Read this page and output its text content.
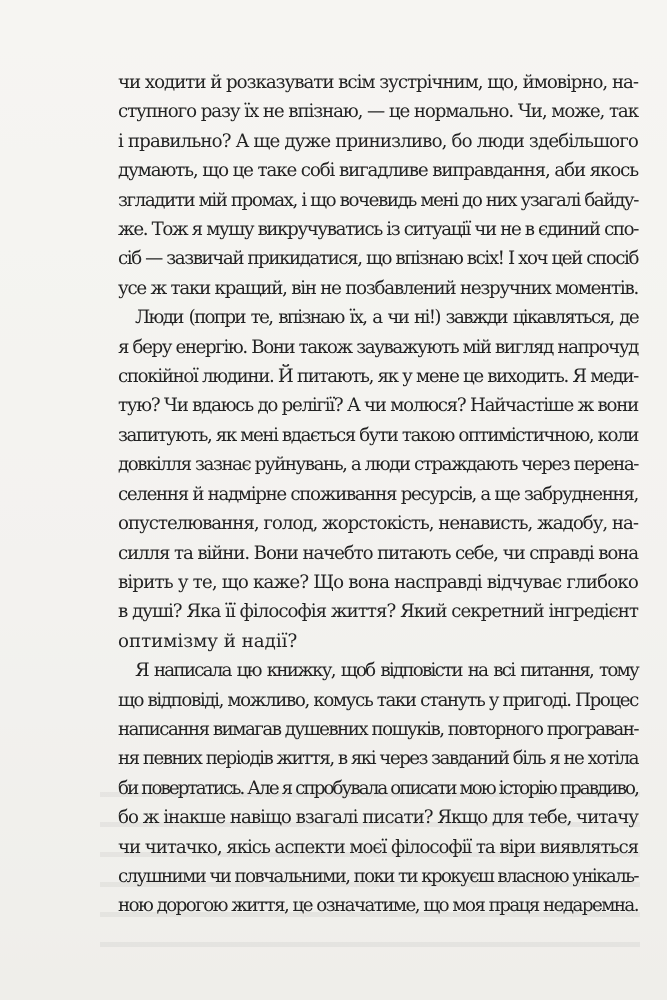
чи ходити й розказувати всім зустрічним, що, ймовірно, на-
ступного разу їх не впізнаю, — це нормально. Чи, може, так
і правильно? А ще дуже принизливо, бо люди здебільшого
думають, що це таке собі вигадливе виправдання, аби якось
згладити мій промах, і що вочевидь мені до них узагалі байду-
же. Тож я мушу викручуватись із ситуації чи не в єдиний спо-
сіб — зазвичай прикидатися, що впізнаю всіх! І хоч цей спосіб
усе ж таки кращий, він не позбавлений незручних моментів.

Люди (попри те, впізнаю їх, а чи ні!) завжди цікавляться, де
я беру енергію. Вони також зауважують мій вигляд напрочуд
спокійної людини. Й питають, як у мене це виходить. Я меди-
тую? Чи вдаюсь до релігії? А чи молюся? Найчастіше ж вони
запитують, як мені вдається бути такою оптимістичною, коли
довкілля зазнає руйнувань, а люди страждають через перена-
селення й надмірне споживання ресурсів, а ще забруднення,
опустелювання, голод, жорстокість, ненависть, жадобу, на-
силля та війни. Вони начебто питають себе, чи справді вона
вірить у те, що каже? Що вона насправді відчуває глибоко
в душі? Яка її філософія життя? Який секретний інгредієнт
оптимізму й надії?

Я написала цю книжку, щоб відповісти на всі питання, тому
що відповіді, можливо, комусь таки стануть у пригоді. Процес
написання вимагав душевних пошуків, повторного програван-
ня певних періодів життя, в які через завданий біль я не хотіла
би повертатись. Але я спробувала описати мою історію правдиво,
бо ж інакше навіщо взагалі писати? Якщо для тебе, читачу
чи читачко, якісь аспекти моєї філософії та віри виявляться
слушними чи повчальними, поки ти крокуєш власною унікаль-
ною дорогою життя, це означатиме, що моя праця недаремна.
